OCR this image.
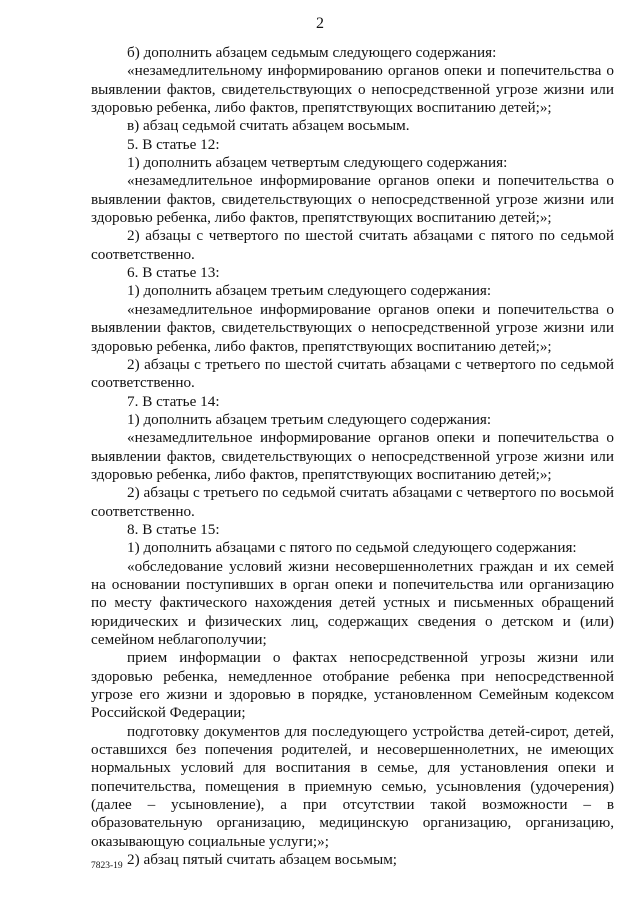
2

б) дополнить абзацем седьмым следующего содержания:

«незамедлительному информированию органов опеки и попечительства о выявлении фактов, свидетельствующих о непосредственной угрозе жизни или здоровью ребенка, либо фактов, препятствующих воспитанию детей;»;

в) абзац седьмой считать абзацем восьмым.

5. В статье 12:

1) дополнить абзацем четвертым следующего содержания:

«незамедлительное информирование органов опеки и попечительства о выявлении фактов, свидетельствующих о непосредственной угрозе жизни или здоровью ребенка, либо фактов, препятствующих воспитанию детей;»;

2) абзацы с четвертого по шестой считать абзацами с пятого по седьмой соответственно.

6. В статье 13:

1) дополнить абзацем третьим следующего содержания:

«незамедлительное информирование органов опеки и попечительства о выявлении фактов, свидетельствующих о непосредственной угрозе жизни или здоровью ребенка, либо фактов, препятствующих воспитанию детей;»;

2) абзацы с третьего по шестой считать абзацами с четвертого по седьмой соответственно.

7. В статье 14:

1) дополнить абзацем третьим следующего содержания:

«незамедлительное информирование органов опеки и попечительства о выявлении фактов, свидетельствующих о непосредственной угрозе жизни или здоровью ребенка, либо фактов, препятствующих воспитанию детей;»;

2) абзацы с третьего по седьмой считать абзацами с четвертого по восьмой соответственно.

8. В статье 15:

1) дополнить абзацами с пятого по седьмой следующего содержания:

«обследование условий жизни несовершеннолетних граждан и их семей на основании поступивших в орган опеки и попечительства или организацию по месту фактического нахождения детей устных и письменных обращений юридических и физических лиц, содержащих сведения о детском и (или) семейном неблагополучии;

прием информации о фактах непосредственной угрозы жизни или здоровью ребенка, немедленное отобрание ребенка при непосредственной угрозе его жизни и здоровью в порядке, установленном Семейным кодексом Российской Федерации;

подготовку документов для последующего устройства детей-сирот, детей, оставшихся без попечения родителей, и несовершеннолетних, не имеющих нормальных условий для воспитания в семье, для установления опеки и попечительства, помещения в приемную семью, усыновления (удочерения) (далее – усыновление), а при отсутствии такой возможности – в образовательную организацию, медицинскую организацию, организацию, оказывающую социальные услуги;»;

2) абзац пятый считать абзацем восьмым;

7823-19
